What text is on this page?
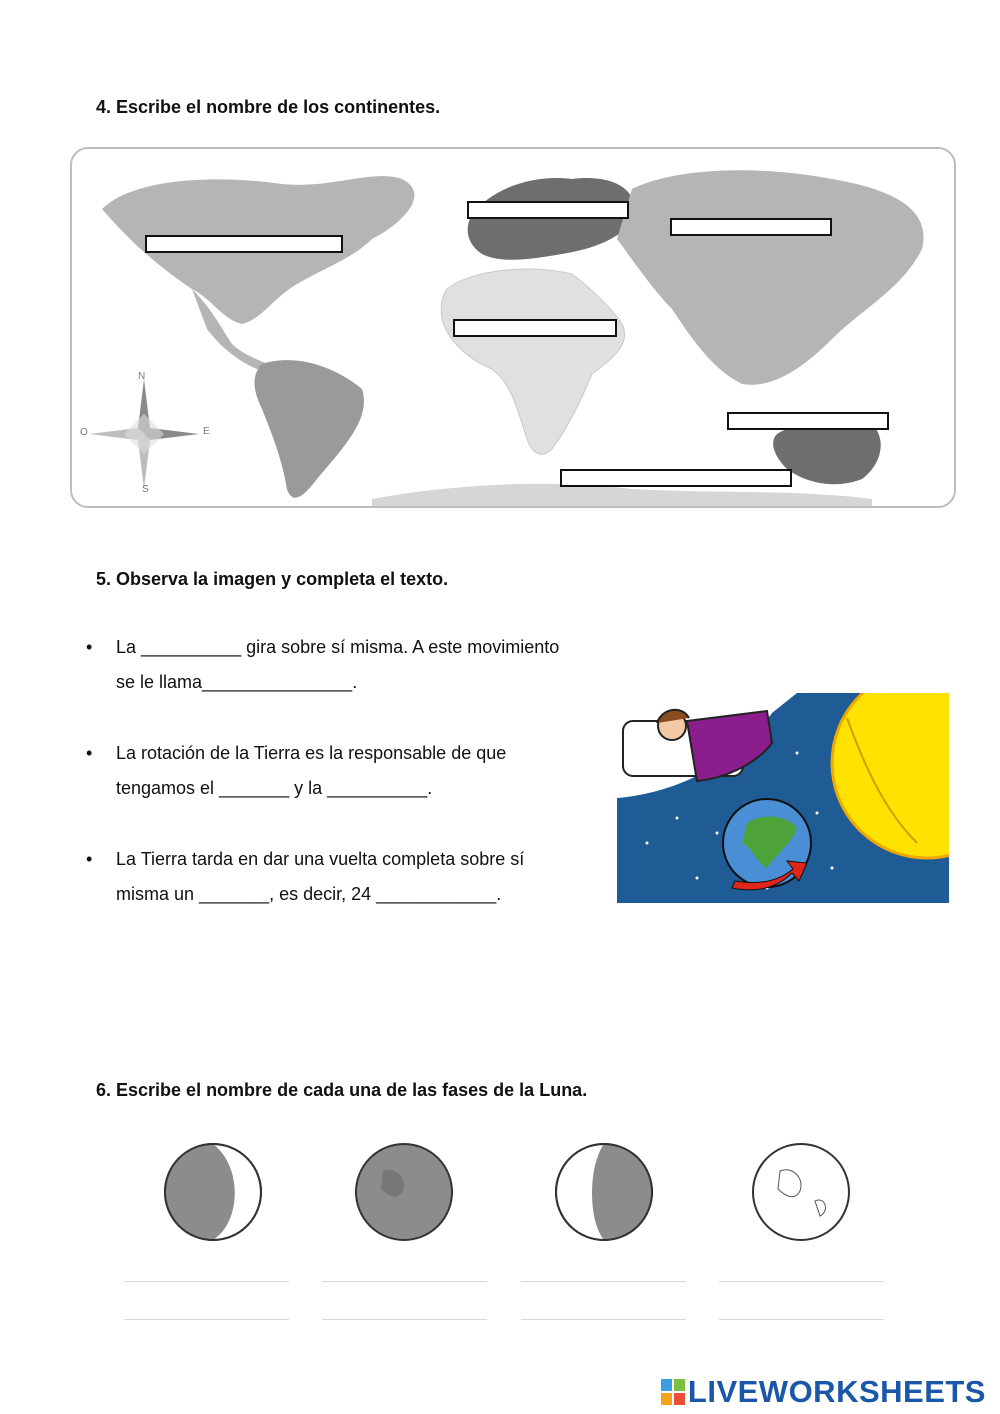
4. Escribe el nombre de los continentes.
N
S
E
O
5. Observa la imagen y completa el texto.
• La __________ gira sobre sí misma. A este movimiento
se le llama_______________.
• La rotación de la Tierra es la responsable de que
tengamos el _______ y la __________.
• La Tierra tarda en dar una vuelta completa sobre sí
misma un _______, es decir, 24 ____________.
6. Escribe el nombre de cada una de las fases de la Luna.
LIVEWORKSHEETS
